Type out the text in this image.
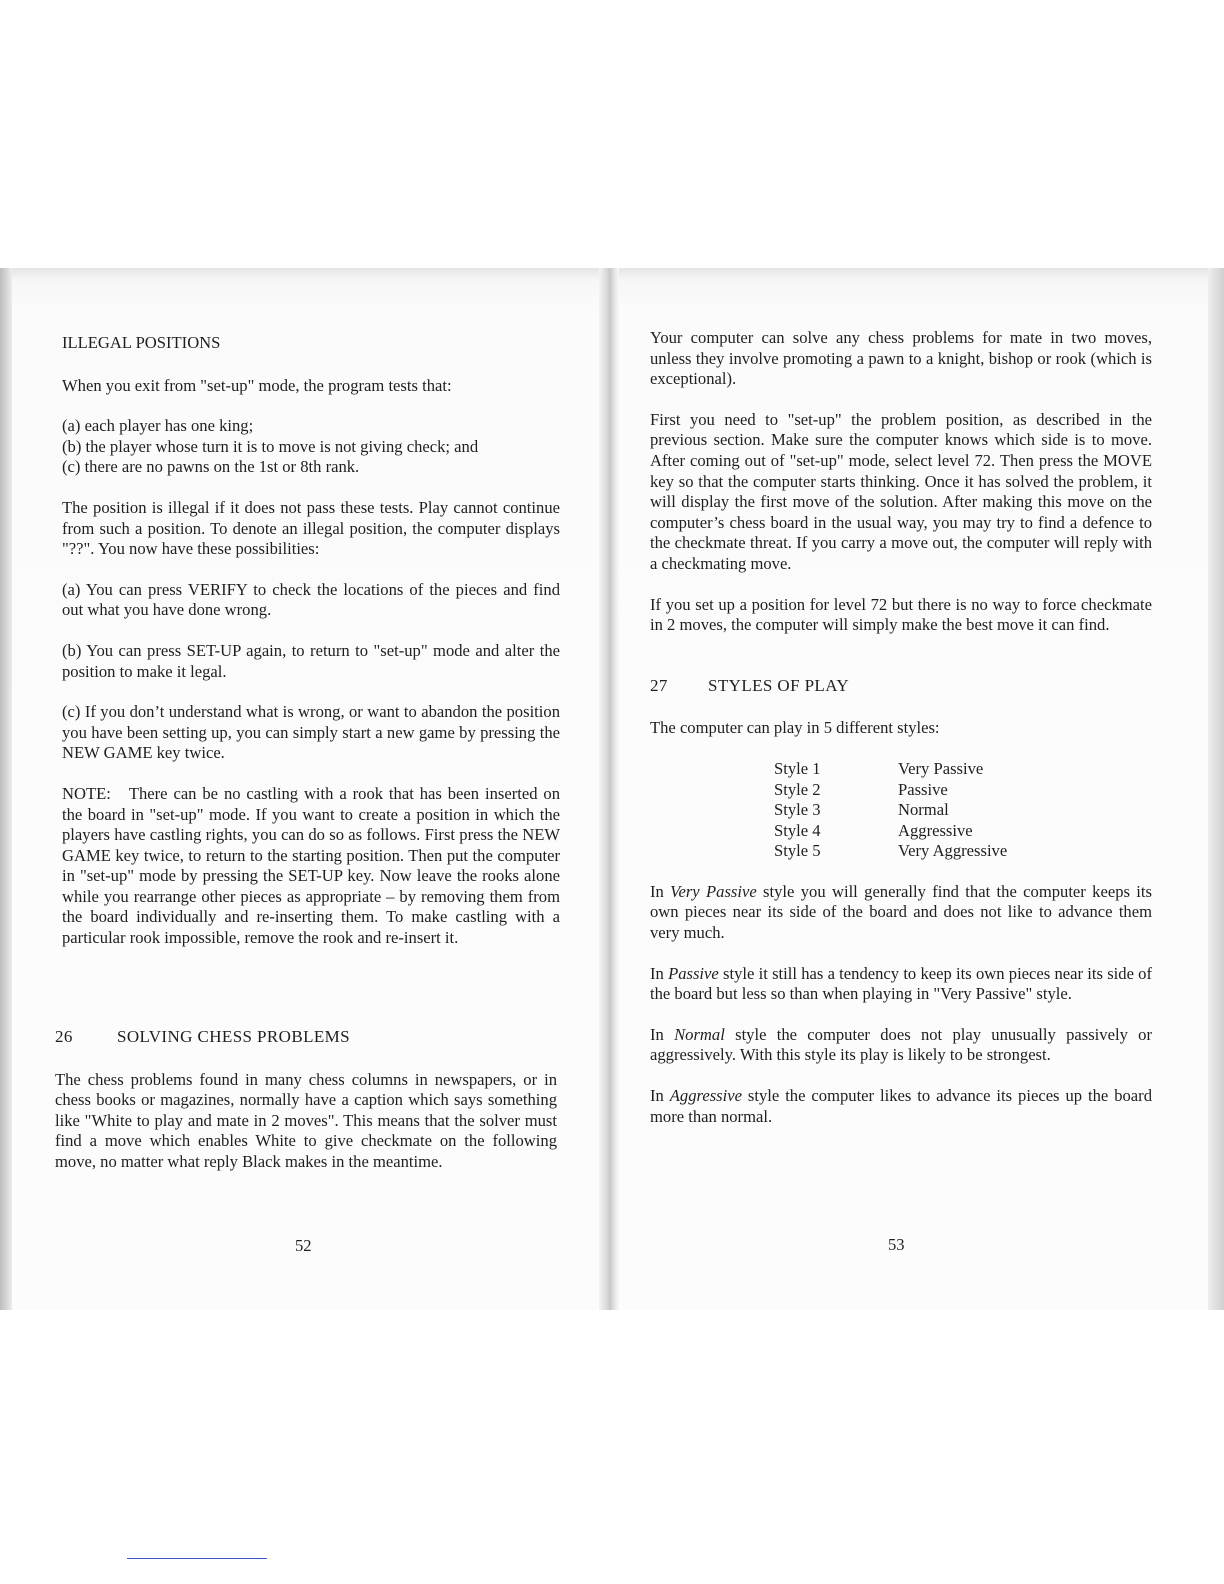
ILLEGAL POSITIONS

When you exit from "set-up" mode, the program tests that:

(a) each player has one king;

(b) the player whose turn it is to move is not giving check; and

(c) there are no pawns on the 1st or 8th rank.

The position is illegal if it does not pass these tests. Play cannot continue from such a position. To denote an illegal position, the computer displays "??". You now have these possibilities:

(a) You can press VERIFY to check the locations of the pieces and find out what you have done wrong.

(b) You can press SET-UP again, to return to "set-up" mode and alter the position to make it legal.

(c) If you don’t understand what is wrong, or want to abandon the position you have been setting up, you can simply start a new game by pressing the NEW GAME key twice.

NOTE: There can be no castling with a rook that has been inserted on the board in "set-up" mode. If you want to create a position in which the players have castling rights, you can do so as follows. First press the NEW GAME key twice, to return to the starting position. Then put the computer in "set-up" mode by pressing the SET-UP key. Now leave the rooks alone while you rearrange other pieces as appropriate – by removing them from the board individually and re-inserting them. To make castling with a particular rook impossible, remove the rook and re-insert it.

26	SOLVING CHESS PROBLEMS

The chess problems found in many chess columns in newspapers, or in chess books or magazines, normally have a caption which says something like "White to play and mate in 2 moves". This means that the solver must find a move which enables White to give checkmate on the following move, no matter what reply Black makes in the meantime.

52

Your computer can solve any chess problems for mate in two moves, unless they involve promoting a pawn to a knight, bishop or rook (which is exceptional).

First you need to "set-up" the problem position, as described in the previous section. Make sure the computer knows which side is to move. After coming out of "set-up" mode, select level 72. Then press the MOVE key so that the computer starts thinking. Once it has solved the problem, it will display the first move of the solution. After making this move on the computer’s chess board in the usual way, you may try to find a defence to the checkmate threat. If you carry a move out, the computer will reply with a checkmating move.

If you set up a position for level 72 but there is no way to force checkmate in 2 moves, the computer will simply make the best move it can find.

27	STYLES OF PLAY

The computer can play in 5 different styles:

Style 1	Very Passive
Style 2	Passive
Style 3	Normal
Style 4	Aggressive
Style 5	Very Aggressive

In Very Passive style you will generally find that the computer keeps its own pieces near its side of the board and does not like to advance them very much.

In Passive style it still has a tendency to keep its own pieces near its side of the board but less so than when playing in "Very Passive" style.

In Normal style the computer does not play unusually passively or aggressively. With this style its play is likely to be strongest.

In Aggressive style the computer likes to advance its pieces up the board more than normal.

53
